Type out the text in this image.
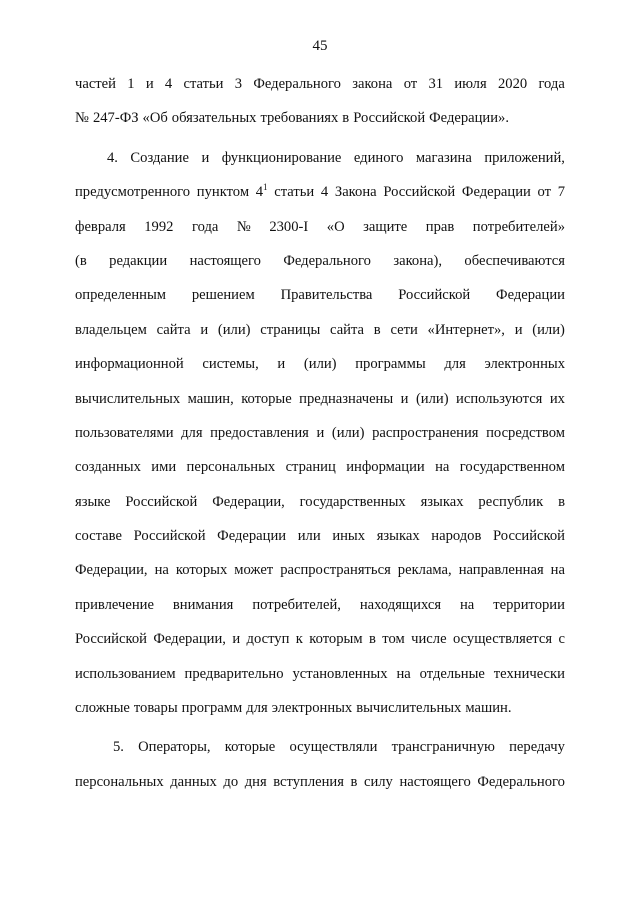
45
частей 1 и 4 статьи 3 Федерального закона от 31 июля 2020 года
№ 247-ФЗ «Об обязательных требованиях в Российской Федерации».
4. Создание и функционирование единого магазина приложений,
предусмотренного пунктом $4^1$ статьи 4 Закона Российской Федерации от 7
февраля 1992 года № 2300-I «О защите прав потребителей»
(в редакции настоящего Федерального закона), обеспечиваются
определенным решением Правительства Российской Федерации
владельцем сайта и (или) страницы сайта в сети «Интернет», и (или)
информационной системы, и (или) программы для электронных
вычислительных машин, которые предназначены и (или) используются их
пользователями для предоставления и (или) распространения посредством
созданных ими персональных страниц информации на государственном
языке Российской Федерации, государственных языках республик в
составе Российской Федерации или иных языках народов Российской
Федерации, на которых может распространяться реклама, направленная на
привлечение внимания потребителей, находящихся на территории
Российской Федерации, и доступ к которым в том числе осуществляется с
использованием предварительно установленных на отдельные технически
сложные товары программ для электронных вычислительных машин.
5. Операторы, которые осуществляли трансграничную передачу
персональных данных до дня вступления в силу настоящего Федерального
